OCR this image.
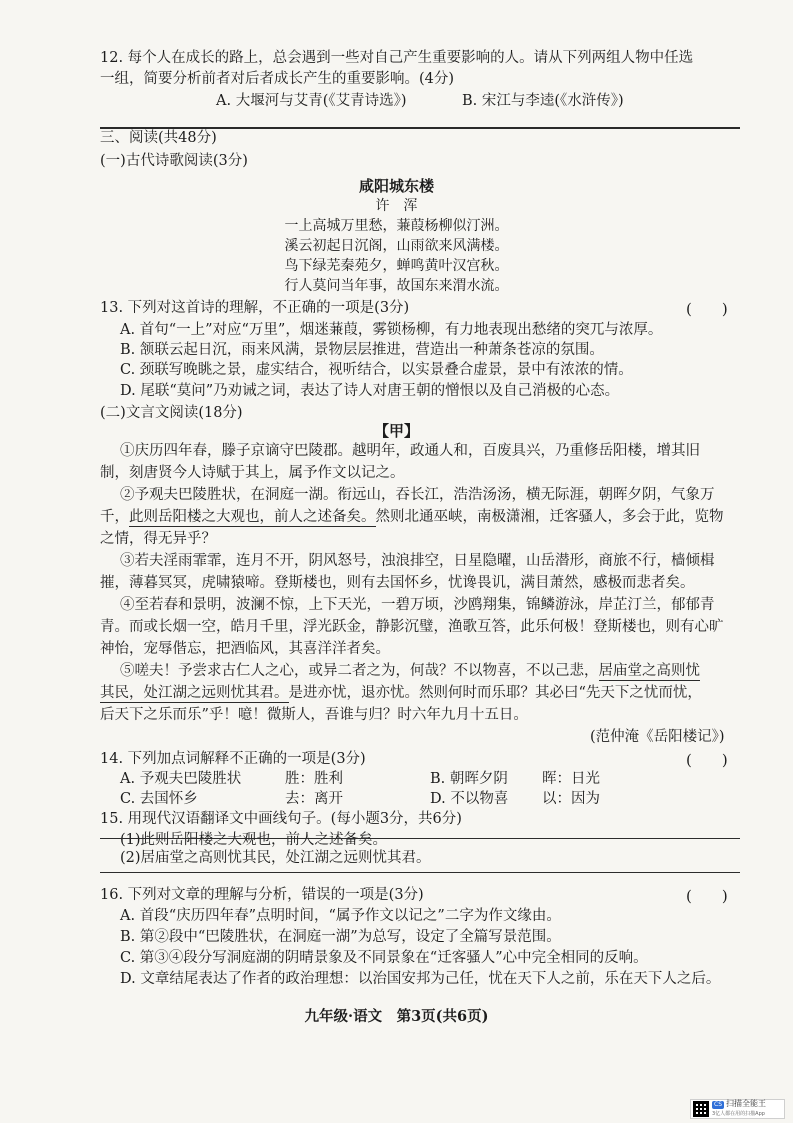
12. 每个人在成长的路上，总会遇到一些对自己产生重要影响的人。请从下列两组人物中任选
一组，简要分析前者对后者成长产生的重要影响。(4分)
A. 大堰河与艾青(《艾青诗选》)	B. 宋江与李逵(《水浒传》)
三、阅读(共48分)
(一)古代诗歌阅读(3分)
咸阳城东楼
许　浑
一上高城万里愁，蒹葭杨柳似汀洲。
溪云初起日沉阁，山雨欲来风满楼。
鸟下绿芜秦苑夕，蝉鸣黄叶汉宫秋。
行人莫问当年事，故国东来渭水流。
13. 下列对这首诗的理解，不正确的一项是(3分)	(　　)
A. 首句“一上”对应“万里”，烟迷蒹葭，雾锁杨柳，有力地表现出愁绪的突兀与浓厚。
B. 颔联云起日沉，雨来风满，景物层层推进，营造出一种萧条苍凉的氛围。
C. 颈联写晚眺之景，虚实结合，视听结合，以实景叠合虚景，景中有浓浓的情。
D. 尾联“莫问”乃劝诫之词，表达了诗人对唐王朝的憎恨以及自己消极的心态。
(二)文言文阅读(18分)
【甲】
①庆历四年春，滕子京谪守巴陵郡。越明年，政通人和，百废具兴，乃重修岳阳楼，增其旧
制，刻唐贤今人诗赋于其上，属予作文以记之。
②予观夫巴陵胜状，在洞庭一湖。衔远山，吞长江，浩浩汤汤，横无际涯，朝晖夕阴，气象万
千，此则岳阳楼之大观也，前人之述备矣。然则北通巫峡，南极潇湘，迁客骚人，多会于此，览物
之情，得无异乎？
③若夫淫雨霏霏，连月不开，阴风怒号，浊浪排空，日星隐曜，山岳潜形，商旅不行，樯倾楫
摧，薄暮冥冥，虎啸猿啼。登斯楼也，则有去国怀乡，忧谗畏讥，满目萧然，感极而悲者矣。
④至若春和景明，波澜不惊，上下天光，一碧万顷，沙鸥翔集，锦鳞游泳，岸芷汀兰，郁郁青
青。而或长烟一空，皓月千里，浮光跃金，静影沉璧，渔歌互答，此乐何极！登斯楼也，则有心旷
神怡，宠辱偕忘，把酒临风，其喜洋洋者矣。
⑤嗟夫！予尝求古仁人之心，或异二者之为，何哉？不以物喜，不以己悲，居庙堂之高则忧
其民，处江湖之远则忧其君。是进亦忧，退亦忧。然则何时而乐耶？其必曰“先天下之忧而忧，
后天下之乐而乐”乎！噫！微斯人，吾谁与归？时六年九月十五日。
(范仲淹《岳阳楼记》)
14. 下列加点词解释不正确的一项是(3分)	(　　)
A. 予观夫巴陵胜状	胜：胜利	B. 朝晖夕阴 晖：日光
C. 去国怀乡	去：离开	D. 不以物喜 以：因为
15. 用现代汉语翻译文中画线句子。(每小题3分，共6分)
(1)此则岳阳楼之大观也，前人之述备矣。
(2)居庙堂之高则忧其民，处江湖之远则忧其君。
16. 下列对文章的理解与分析，错误的一项是(3分)	(　　)
A. 首段“庆历四年春”点明时间，“属予作文以记之”二字为作文缘由。
B. 第②段中“巴陵胜状，在洞庭一湖”为总写，设定了全篇写景范围。
C. 第③④段分写洞庭湖的阴晴景象及不同景象在“迁客骚人”心中完全相同的反响。
D. 文章结尾表达了作者的政治理想：以治国安邦为己任，忧在天下人之前，乐在天下人之后。
九年级·语文　第3页(共6页)
CS 扫描全能王
3亿人都在用的扫描App
